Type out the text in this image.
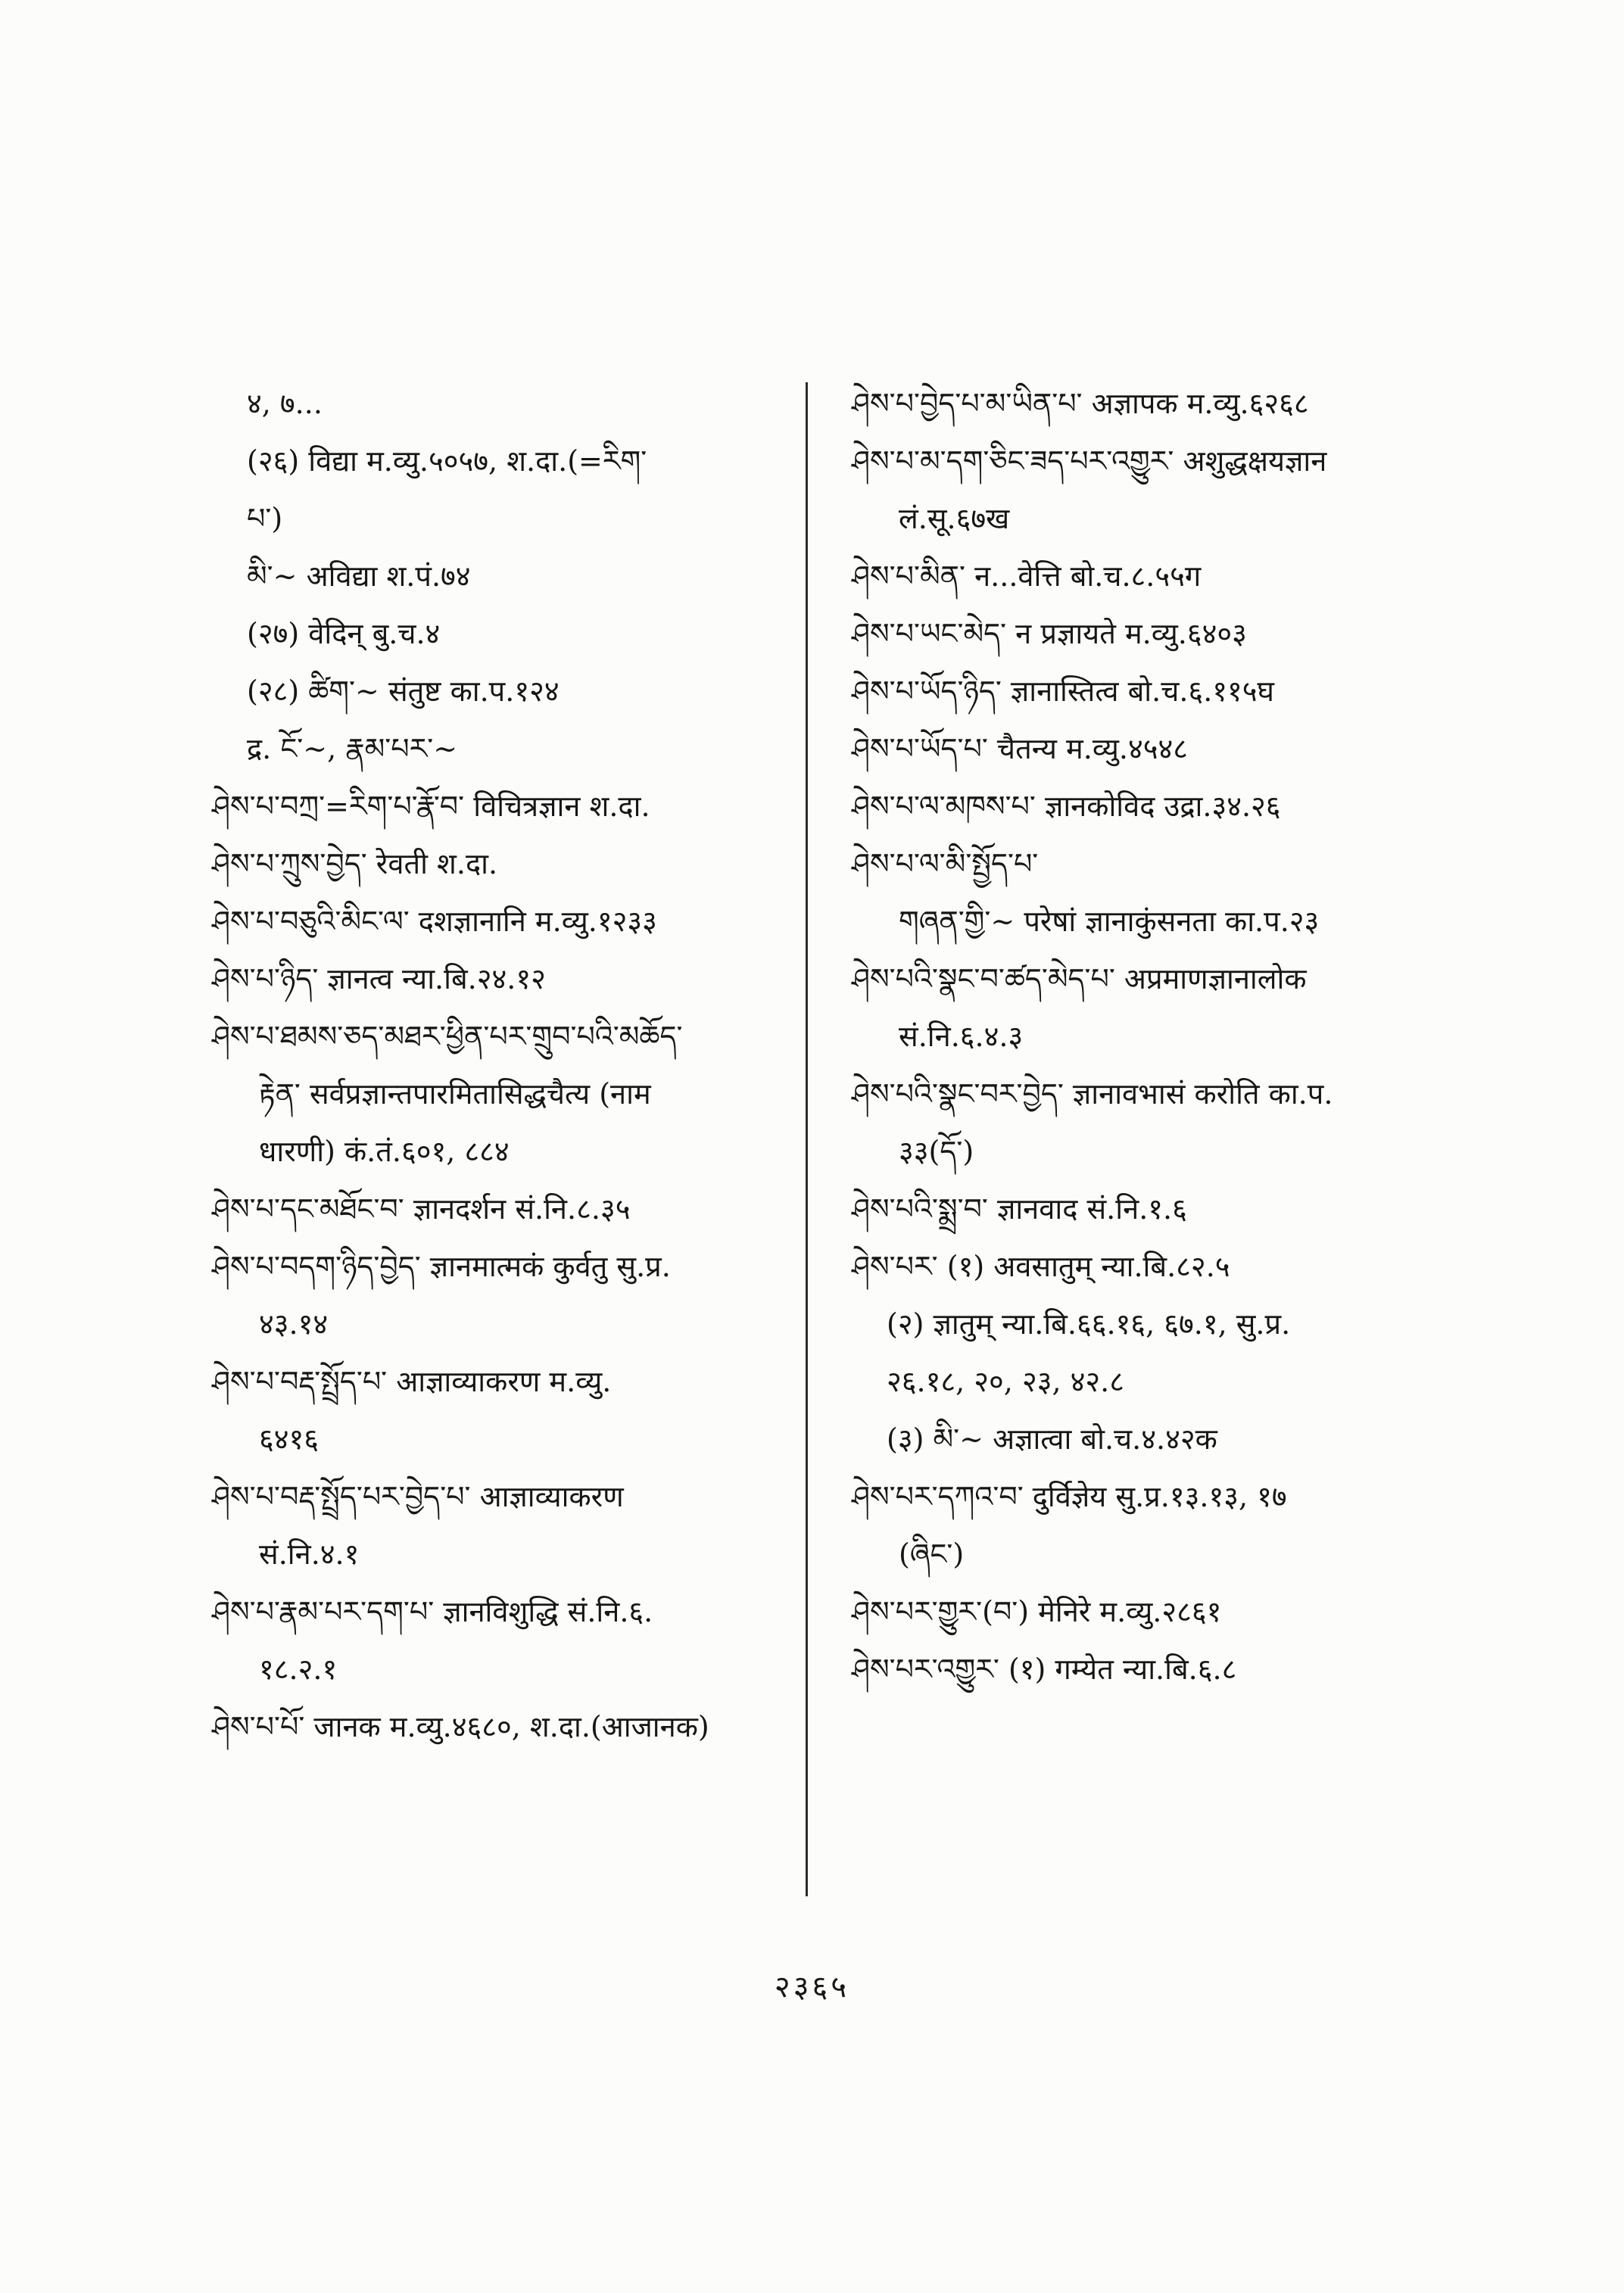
४, ७...
(२६) विद्या म.व्यु.५०५७, श.दा.(=རིག་
པ་)
མི་~ अविद्या श.पं.७४
(२७) वेदिन् बु.च.४
(२८) ཚིག་~ संतुष्ट का.प.१२४
द्र. ངོ་~, རྣམ་པར་~
ཤེས་པ་བཀྲ་=རིག་པ་རྣོ་བ་ विचित्रज्ञान श.दा.
ཤེས་པ་ཀྲུས་བྱེད་ रेवती श.दा.
ཤེས་པ་བཅུའི་མིང་ལ་ दशज्ञानानि म.व्यु.१२३३
ཤེས་པ་ཉིད་ ज्ञानत्व न्या.बि.२४.१२
ཤེས་པ་ཐམས་ཅད་མཐར་ཕྱིན་པར་གྲུབ་པའི་མཆོད་
རྟེན་ सर्वप्रज्ञान्तपारमितासिद्धचैत्य (नाम
धारणी) कं.तं.६०१, ८८४
ཤེས་པ་དང་མཐོང་བ་ ज्ञानदर्शन सं.नि.८.३५
ཤེས་པ་བདག་ཉིད་བྱེད་ ज्ञानमात्मकं कुर्वतु सु.प्र.
४३.१४
ཤེས་པ་བརྡ་སྤྲོད་པ་ आज्ञाव्याकरण म.व्यु.
६४१६
ཤེས་པ་བརྡ་སྤྲོད་པར་བྱེད་པ་ आज्ञाव्याकरण
सं.नि.४.१
ཤེས་པ་རྣམ་པར་དག་པ་ ज्ञानविशुद्धि सं.नि.६.
१८.२.१
ཤེས་པ་པོ་ जानक म.व्यु.४६८०, श.दा.(आजानक)
ཤེས་པ་བྱེད་པ་མ་ཡིན་པ་ अज्ञापक म.व्यु.६२६८
ཤེས་པ་མ་དག་ཅིང་ཟད་པར་འགྱུར་ अशुद्धक्षयज्ञान
लं.सू.६७ख
ཤེས་པ་མིན་ न...वेत्ति बो.च.८.५५ग
ཤེས་པ་ཡང་མེད་ न प्रज्ञायते म.व्यु.६४०३
ཤེས་པ་ཡོད་ཉིད་ ज्ञानास्तित्व बो.च.६.११५घ
ཤེས་པ་ཡོད་པ་ चैतन्य म.व्यु.४५४८
ཤེས་པ་ལ་མཁས་པ་ ज्ञानकोविद उद्रा.३४.२६
ཤེས་པ་ལ་མི་སྤྱོད་པ་
གཞན་གྱི་~ परेषां ज्ञानाकुंसनता का.प.२३
ཤེས་པའི་སྣང་བ་ཚད་མེད་པ་ अप्रमाणज्ञानालोक
सं.नि.६.४.३
ཤེས་པའི་སྣང་བར་བྱེད་ ज्ञानावभासं करोति का.प.
३३(དོ་)
ཤེས་པའི་སྨྲ་བ་ ज्ञानवाद सं.नि.१.६
ཤེས་པར་ (१) अवसातुम् न्या.बि.८२.५
(२) ज्ञातुम् न्या.बि.६६.१६, ६७.१, सु.प्र.
२६.१८, २०, २३, ४२.८
(३) མི་~ अज्ञात्वा बो.च.४.४२क
ཤེས་པར་དཀའ་བ་ दुर्विज्ञेय सु.प्र.१३.१३, १७
(ཞིང་)
ཤེས་པར་གྱུར་(བ་) मेनिरे म.व्यु.२८६१
ཤེས་པར་འགྱུར་ (१) गम्येत न्या.बि.६.८
२३६५
